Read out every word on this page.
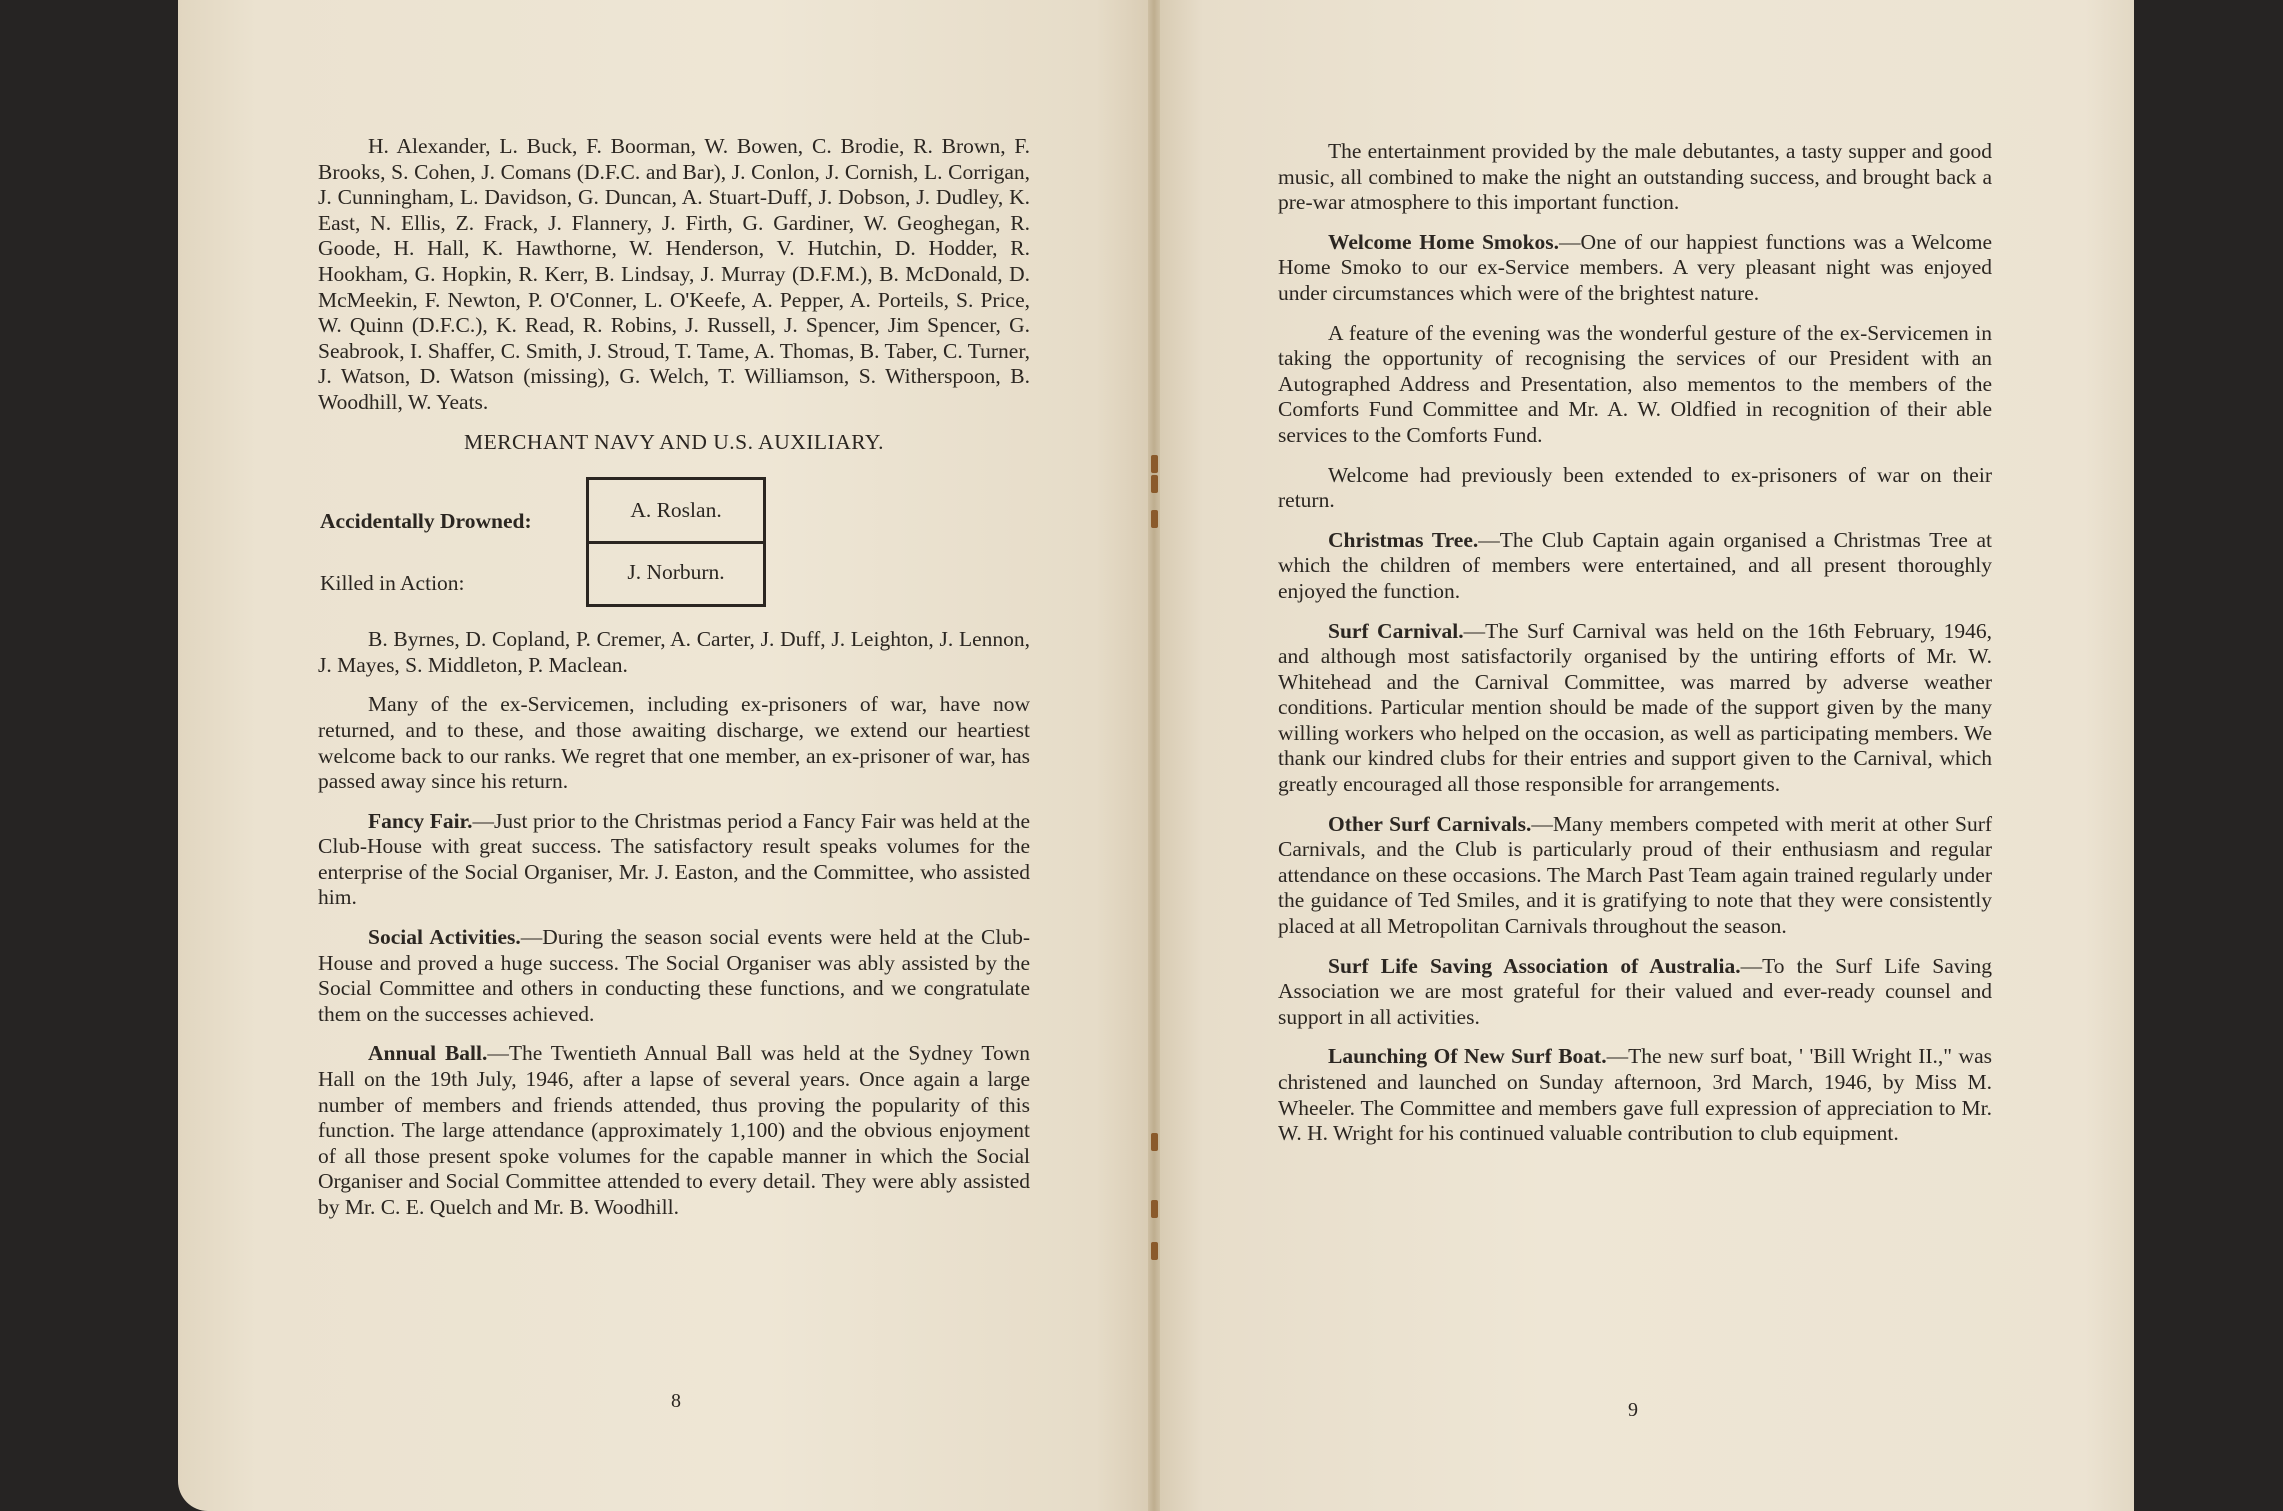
H. Alexander, L. Buck, F. Boorman, W. Bowen, C. Brodie, R. Brown, F. Brooks, S. Cohen, J. Comans (D.F.C. and Bar), J. Conlon, J. Cornish, L. Corrigan, J. Cunningham, L. Davidson, G. Duncan, A. Stuart-Duff, J. Dobson, J. Dudley, K. East, N. Ellis, Z. Frack, J. Flannery, J. Firth, G. Gardiner, W. Geoghegan, R. Goode, H. Hall, K. Hawthorne, W. Henderson, V. Hutchin, D. Hodder, R. Hookham, G. Hopkin, R. Kerr, B. Lindsay, J. Murray (D.F.M.), B. McDonald, D. McMeekin, F. Newton, P. O'Conner, L. O'Keefe, A. Pepper, A. Porteils, S. Price, W. Quinn (D.F.C.), K. Read, R. Robins, J. Russell, J. Spencer, Jim Spencer, G. Seabrook, I. Shaffer, C. Smith, J. Stroud, T. Tame, A. Thomas, B. Taber, C. Turner, J. Watson, D. Watson (missing), G. Welch, T. Williamson, S. Witherspoon, B. Woodhill, W. Yeats.

MERCHANT NAVY AND U.S. AUXILIARY.
Accidentally Drowned:
Killed in Action:
A. Roslan.
J. Norburn.

B. Byrnes, D. Copland, P. Cremer, A. Carter, J. Duff, J. Leighton, J. Lennon, J. Mayes, S. Middleton, P. Maclean.

Many of the ex-Servicemen, including ex-prisoners of war, have now returned, and to these, and those awaiting discharge, we extend our heartiest welcome back to our ranks. We regret that one member, an ex-prisoner of war, has passed away since his return.

Fancy Fair.—Just prior to the Christmas period a Fancy Fair was held at the Club-House with great success. The satisfactory result speaks volumes for the enterprise of the Social Organiser, Mr. J. Easton, and the Committee, who assisted him.

Social Activities.—During the season social events were held at the Club-House and proved a huge success. The Social Organiser was ably assisted by the Social Committee and others in conducting these functions, and we congratulate them on the successes achieved.

Annual Ball.—The Twentieth Annual Ball was held at the Sydney Town Hall on the 19th July, 1946, after a lapse of several years. Once again a large number of members and friends attended, thus proving the popularity of this function. The large attendance (approximately 1,100) and the obvious enjoyment of all those present spoke volumes for the capable manner in which the Social Organiser and Social Committee attended to every detail. They were ably assisted by Mr. C. E. Quelch and Mr. B. Woodhill.

8

The entertainment provided by the male debutantes, a tasty supper and good music, all combined to make the night an outstanding success, and brought back a pre-war atmosphere to this important function.

Welcome Home Smokos.—One of our happiest functions was a Welcome Home Smoko to our ex-Service members. A very pleasant night was enjoyed under circumstances which were of the brightest nature.

A feature of the evening was the wonderful gesture of the ex-Servicemen in taking the opportunity of recognising the services of our President with an Autographed Address and Presentation, also mementos to the members of the Comforts Fund Committee and Mr. A. W. Oldfied in recognition of their able services to the Comforts Fund.

Welcome had previously been extended to ex-prisoners of war on their return.

Christmas Tree.—The Club Captain again organised a Christmas Tree at which the children of members were entertained, and all present thoroughly enjoyed the function.

Surf Carnival.—The Surf Carnival was held on the 16th February, 1946, and although most satisfactorily organised by the untiring efforts of Mr. W. Whitehead and the Carnival Committee, was marred by adverse weather conditions. Particular mention should be made of the support given by the many willing workers who helped on the occasion, as well as participating members. We thank our kindred clubs for their entries and support given to the Carnival, which greatly encouraged all those responsible for arrangements.

Other Surf Carnivals.—Many members competed with merit at other Surf Carnivals, and the Club is particularly proud of their enthusiasm and regular attendance on these occasions. The March Past Team again trained regularly under the guidance of Ted Smiles, and it is gratifying to note that they were consistently placed at all Metropolitan Carnivals throughout the season.

Surf Life Saving Association of Australia.—To the Surf Life Saving Association we are most grateful for their valued and ever-ready counsel and support in all activities.

Launching Of New Surf Boat.—The new surf boat, ' 'Bill Wright II.," was christened and launched on Sunday afternoon, 3rd March, 1946, by Miss M. Wheeler. The Committee and members gave full expression of appreciation to Mr. W. H. Wright for his continued valuable contribution to club equipment.

9
